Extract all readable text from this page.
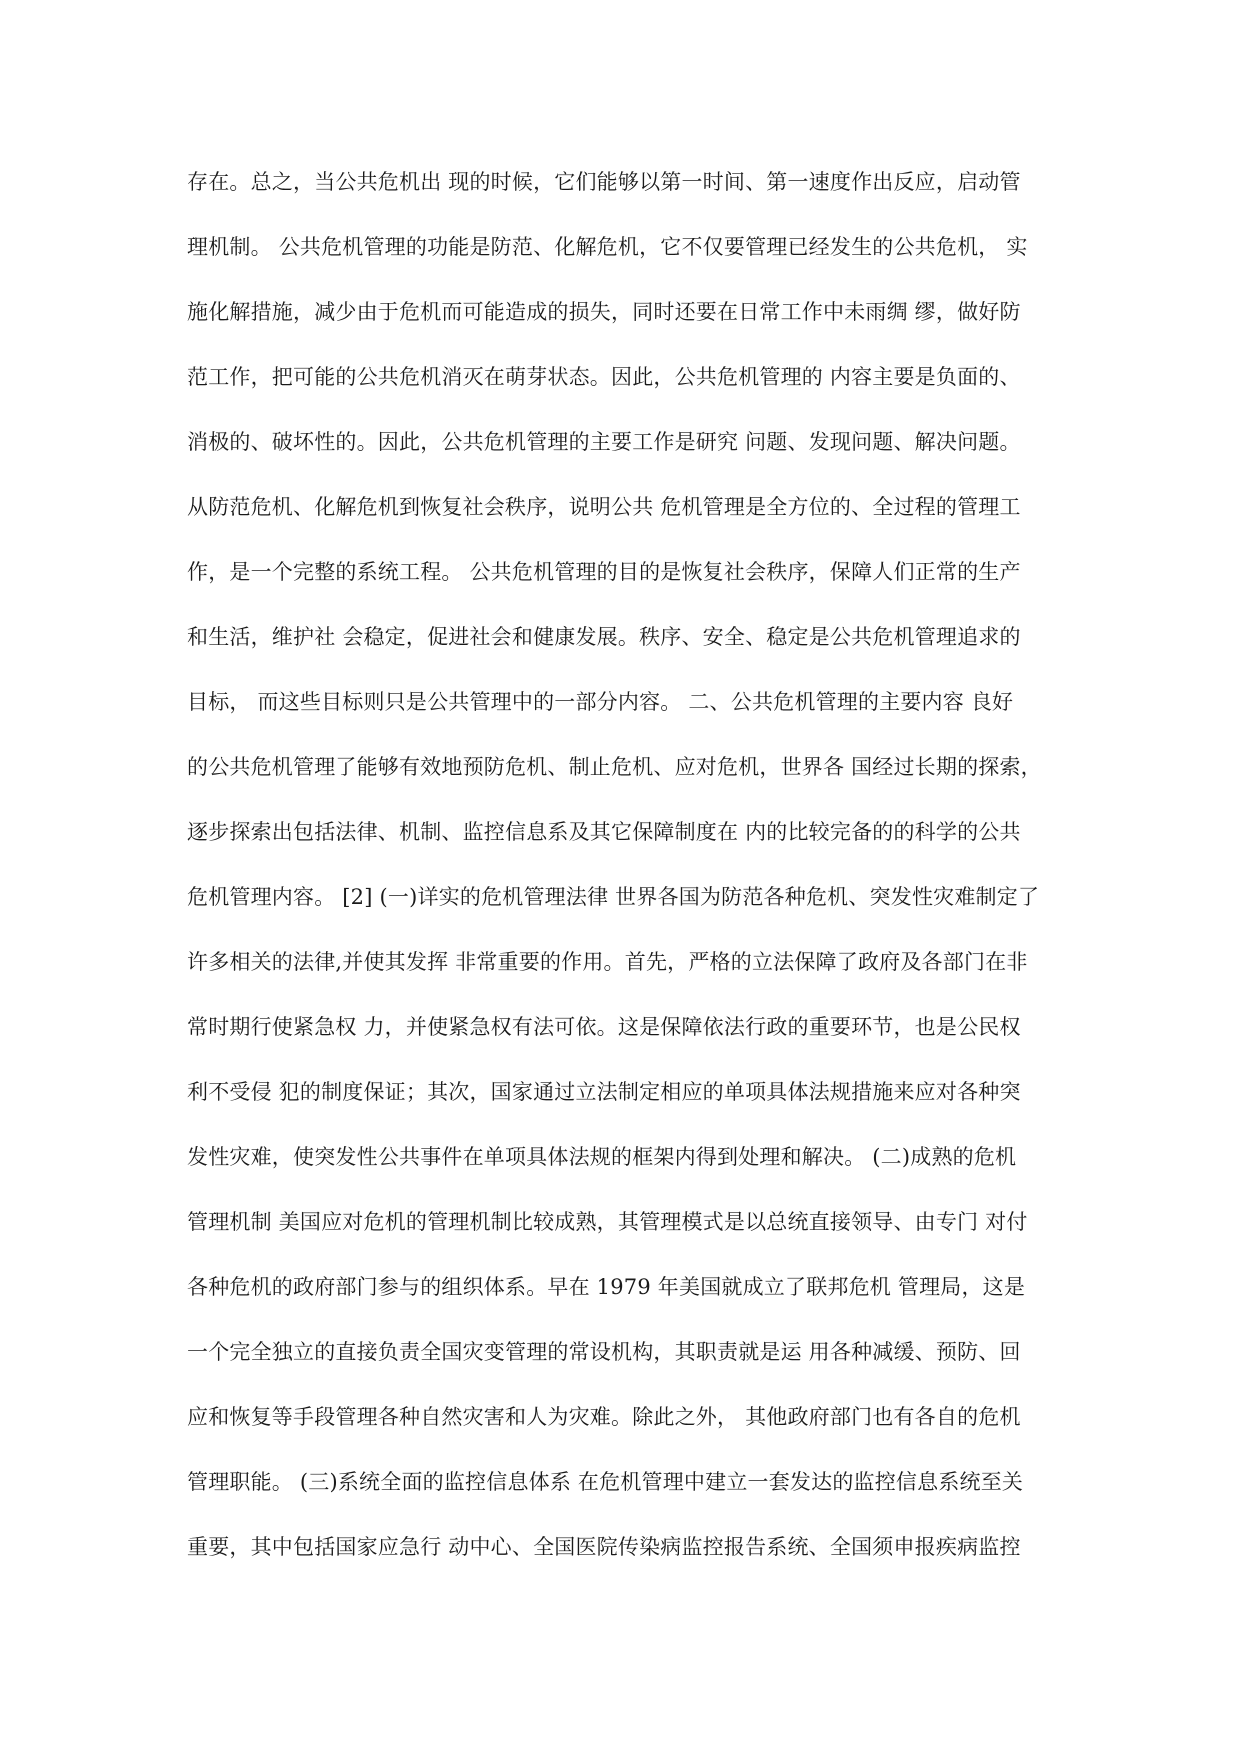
存在。总之，当公共危机出 现的时候，它们能够以第一时间、第一速度作出反应，启动管
理机制。 公共危机管理的功能是防范、化解危机，它不仅要管理已经发生的公共危机， 实
施化解措施，减少由于危机而可能造成的损失，同时还要在日常工作中未雨绸 缪，做好防
范工作，把可能的公共危机消灭在萌芽状态。因此，公共危机管理的 内容主要是负面的、
消极的、破坏性的。因此，公共危机管理的主要工作是研究 问题、发现问题、解决问题。
从防范危机、化解危机到恢复社会秩序，说明公共 危机管理是全方位的、全过程的管理工
作，是一个完整的系统工程。 公共危机管理的目的是恢复社会秩序，保障人们正常的生产
和生活，维护社 会稳定，促进社会和健康发展。秩序、安全、稳定是公共危机管理追求的
目标， 而这些目标则只是公共管理中的一部分内容。 二、公共危机管理的主要内容 良好
的公共危机管理了能够有效地预防危机、制止危机、应对危机，世界各 国经过长期的探索，
逐步探索出包括法律、机制、监控信息系及其它保障制度在 内的比较完备的的科学的公共
危机管理内容。 [2] (一)详实的危机管理法律 世界各国为防范各种危机、突发性灾难制定了
许多相关的法律,并使其发挥 非常重要的作用。首先，严格的立法保障了政府及各部门在非
常时期行使紧急权 力，并使紧急权有法可依。这是保障依法行政的重要环节，也是公民权
利不受侵 犯的制度保证；其次，国家通过立法制定相应的单项具体法规措施来应对各种突
发性灾难，使突发性公共事件在单项具体法规的框架内得到处理和解决。 (二)成熟的危机
管理机制 美国应对危机的管理机制比较成熟，其管理模式是以总统直接领导、由专门 对付
各种危机的政府部门参与的组织体系。早在 1979 年美国就成立了联邦危机 管理局，这是
一个完全独立的直接负责全国灾变管理的常设机构，其职责就是运 用各种减缓、预防、回
应和恢复等手段管理各种自然灾害和人为灾难。除此之外， 其他政府部门也有各自的危机
管理职能。 (三)系统全面的监控信息体系 在危机管理中建立一套发达的监控信息系统至关
重要，其中包括国家应急行 动中心、全国医院传染病监控报告系统、全国须申报疾病监控
